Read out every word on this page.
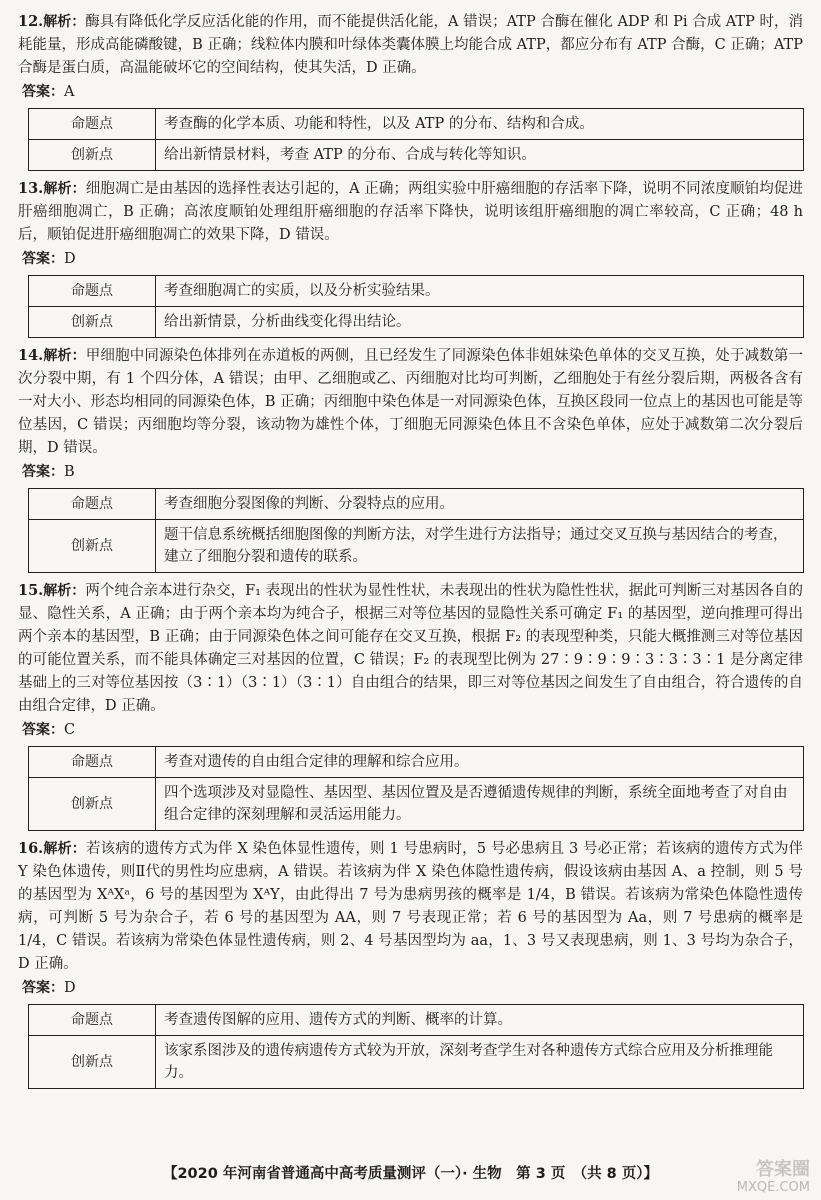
12.解析：酶具有降低化学反应活化能的作用，而不能提供活化能，A 错误；ATP 合酶在催化 ADP 和 Pi 合成 ATP 时，消耗能量，形成高能磷酸键，B 正确；线粒体内膜和叶绿体类囊体膜上均能合成 ATP，都应分布有 ATP 合酶，C 正确；ATP 合酶是蛋白质，高温能破坏它的空间结构，使其失活，D 正确。

答案：A

命题点	考查酶的化学本质、功能和特性，以及 ATP 的分布、结构和合成。
创新点	给出新情景材料，考查 ATP 的分布、合成与转化等知识。

13.解析：细胞凋亡是由基因的选择性表达引起的，A 正确；两组实验中肝癌细胞的存活率下降，说明不同浓度顺铂均促进肝癌细胞凋亡，B 正确；高浓度顺铂处理组肝癌细胞的存活率下降快，说明该组肝癌细胞的凋亡率较高，C 正确；48 h 后，顺铂促进肝癌细胞凋亡的效果下降，D 错误。

答案：D

命题点	考查细胞凋亡的实质，以及分析实验结果。
创新点	给出新情景，分析曲线变化得出结论。

14.解析：甲细胞中同源染色体排列在赤道板的两侧，且已经发生了同源染色体非姐妹染色单体的交叉互换，处于减数第一次分裂中期，有 1 个四分体，A 错误；由甲、乙细胞或乙、丙细胞对比均可判断，乙细胞处于有丝分裂后期，两极各含有一对大小、形态均相同的同源染色体，B 正确；丙细胞中染色体是一对同源染色体，互换区段同一位点上的基因也可能是等位基因，C 错误；丙细胞均等分裂，该动物为雄性个体，丁细胞无同源染色体且不含染色单体，应处于减数第二次分裂后期，D 错误。

答案：B

命题点	考查细胞分裂图像的判断、分裂特点的应用。
创新点	题干信息系统概括细胞图像的判断方法，对学生进行方法指导；通过交叉互换与基因结合的考查，建立了细胞分裂和遗传的联系。

15.解析：两个纯合亲本进行杂交，F₁ 表现出的性状为显性性状，未表现出的性状为隐性性状，据此可判断三对基因各自的显、隐性关系，A 正确；由于两个亲本均为纯合子，根据三对等位基因的显隐性关系可确定 F₁ 的基因型，逆向推理可得出两个亲本的基因型，B 正确；由于同源染色体之间可能存在交叉互换，根据 F₂ 的表现型种类，只能大概推测三对等位基因的可能位置关系，而不能具体确定三对基因的位置，C 错误；F₂ 的表现型比例为 27∶9∶9∶9∶3∶3∶3∶1 是分离定律基础上的三对等位基因按（3∶1）（3∶1）（3∶1）自由组合的结果，即三对等位基因之间发生了自由组合，符合遗传的自由组合定律，D 正确。

答案：C

命题点	考查对遗传的自由组合定律的理解和综合应用。
创新点	四个选项涉及对显隐性、基因型、基因位置及是否遵循遗传规律的判断，系统全面地考查了对自由组合定律的深刻理解和灵活运用能力。

16.解析：若该病的遗传方式为伴 X 染色体显性遗传，则 1 号患病时，5 号必患病且 3 号必正常；若该病的遗传方式为伴 Y 染色体遗传，则Ⅱ代的男性均应患病，A 错误。若该病为伴 X 染色体隐性遗传病，假设该病由基因 A、a 控制，则 5 号的基因型为 XᴬXᵃ，6 号的基因型为 XᴬY，由此得出 7 号为患病男孩的概率是 1/4，B 错误。若该病为常染色体隐性遗传病，可判断 5 号为杂合子，若 6 号的基因型为 AA，则 7 号表现正常；若 6 号的基因型为 Aa，则 7 号患病的概率是 1/4，C 错误。若该病为常染色体显性遗传病，则 2、4 号基因型均为 aa，1、3 号又表现患病，则 1、3 号均为杂合子，D 正确。

答案：D

命题点	考查遗传图解的应用、遗传方式的判断、概率的计算。
创新点	该家系图涉及的遗传病遗传方式较为开放，深刻考查学生对各种遗传方式综合应用及分析推理能力。
【2020 年河南省普通高中高考质量测评（一）· 生物　第 3 页　（共 8 页）】	答案圈
MXQE.COM
